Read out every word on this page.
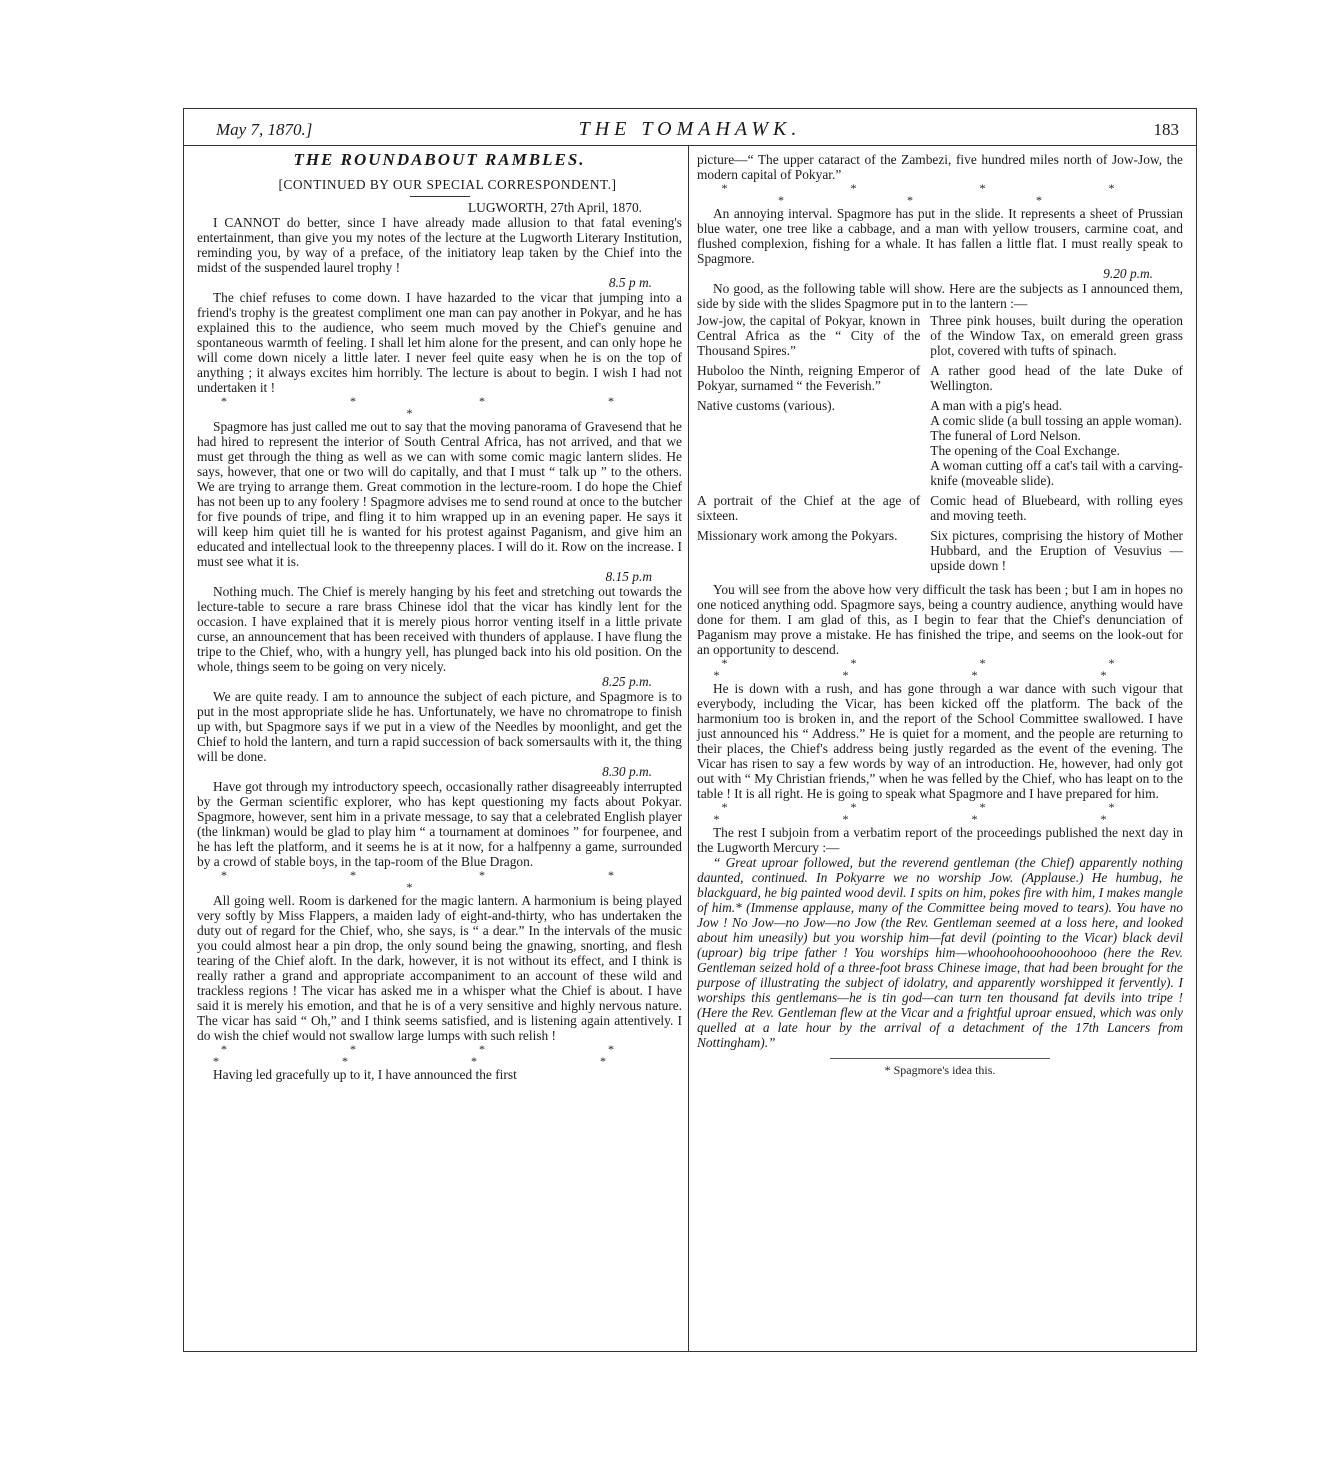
May 7, 1870.]	THE TOMAHAWK.	183
THE ROUNDABOUT RAMBLES.

[CONTINUED BY OUR SPECIAL CORRESPONDENT.]

LUGWORTH, 27th April, 1870.

I CANNOT do better, since I have already made allusion to that fatal evening's entertainment, than give you my notes of the lecture at the Lugworth Literary Institution, reminding you, by way of a preface, of the initiatory leap taken by the Chief into the midst of the suspended laurel trophy !

8.5 p m.

The chief refuses to come down. I have hazarded to the vicar that jumping into a friend's trophy is the greatest compliment one man can pay another in Pokyar, and he has explained this to the audience, who seem much moved by the Chief's genuine and spontaneous warmth of feeling. I shall let him alone for the present, and can only hope he will come down nicely a little later. I never feel quite easy when he is on the top of anything ; it always excites him horribly. The lecture is about to begin. I wish I had not undertaken it !

* * * * *

Spagmore has just called me out to say that the moving panorama of Gravesend that he had hired to represent the interior of South Central Africa, has not arrived, and that we must get through the thing as well as we can with some comic magic lantern slides. He says, however, that one or two will do capitally, and that I must “ talk up ” to the others. We are trying to arrange them. Great commotion in the lecture-room. I do hope the Chief has not been up to any foolery ! Spagmore advises me to send round at once to the butcher for five pounds of tripe, and fling it to him wrapped up in an evening paper. He says it will keep him quiet till he is wanted for his protest against Paganism, and give him an educated and intellectual look to the threepenny places. I will do it. Row on the increase. I must see what it is.

8.15 p.m

Nothing much. The Chief is merely hanging by his feet and stretching out towards the lecture-table to secure a rare brass Chinese idol that the vicar has kindly lent for the occasion. I have explained that it is merely pious horror venting itself in a little private curse, an announcement that has been received with thunders of applause. I have flung the tripe to the Chief, who, with a hungry yell, has plunged back into his old position. On the whole, things seem to be going on very nicely.

8.25 p.m.

We are quite ready. I am to announce the subject of each picture, and Spagmore is to put in the most appropriate slide he has. Unfortunately, we have no chromatrope to finish up with, but Spagmore says if we put in a view of the Needles by moonlight, and get the Chief to hold the lantern, and turn a rapid succession of back somersaults with it, the thing will be done.

8.30 p.m.

Have got through my introductory speech, occasionally rather disagreeably interrupted by the German scientific explorer, who has kept questioning my facts about Pokyar. Spagmore, however, sent him in a private message, to say that a celebrated English player (the linkman) would be glad to play him “ a tournament at dominoes ” for fourpenee, and he has left the platform, and it seems he is at it now, for a halfpenny a game, surrounded by a crowd of stable boys, in the tap-room of the Blue Dragon.

* * * * *

All going well. Room is darkened for the magic lantern. A harmonium is being played very softly by Miss Flappers, a maiden lady of eight-and-thirty, who has undertaken the duty out of regard for the Chief, who, she says, is “ a dear.” In the intervals of the music you could almost hear a pin drop, the only sound being the gnawing, snorting, and flesh tearing of the Chief aloft. In the dark, however, it is not without its effect, and I think is really rather a grand and appropriate accompaniment to an account of these wild and trackless regions ! The vicar has asked me in a whisper what the Chief is about. I have said it is merely his emotion, and that he is of a very sensitive and highly nervous nature. The vicar has said “ Oh,” and I think seems satisfied, and is listening again attentively. I do wish the chief would not swallow large lumps with such relish !

* * * * * * * *

Having led gracefully up to it, I have announced the first

picture—“ The upper cataract of the Zambezi, five hundred miles north of Jow-Jow, the modern capital of Pokyar.”

* * * * * * *

An annoying interval. Spagmore has put in the slide. It represents a sheet of Prussian blue water, one tree like a cabbage, and a man with yellow trousers, carmine coat, and flushed complexion, fishing for a whale. It has fallen a little flat. I must really speak to Spagmore.

9.20 p.m.

No good, as the following table will show. Here are the subjects as I announced them, side by side with the slides Spagmore put in to the lantern :—

Jow-jow, the capital of Pokyar, known in Central Africa as the “ City of the Thousand Spires.”	Three pink houses, built during the operation of the Window Tax, on emerald green grass plot, covered with tufts of spinach.
Huboloo the Ninth, reigning Emperor of Pokyar, surnamed “ the Feverish.”	A rather good head of the late Duke of Wellington.
Native customs (various).	A man with a pig's head.
A comic slide (a bull tossing an apple woman).
The funeral of Lord Nelson.
The opening of the Coal Exchange.
A woman cutting off a cat's tail with a carving-knife (moveable slide).
A portrait of the Chief at the age of sixteen.	Comic head of Bluebeard, with rolling eyes and moving teeth.
Missionary work among the Pokyars.	Six pictures, comprising the history of Mother Hubbard, and the Eruption of Vesuvius —upside down !

You will see from the above how very difficult the task has been ; but I am in hopes no one noticed anything odd. Spagmore says, being a country audience, anything would have done for them. I am glad of this, as I begin to fear that the Chief's denunciation of Paganism may prove a mistake. He has finished the tripe, and seems on the look-out for an opportunity to descend.

* * * * * * * *

He is down with a rush, and has gone through a war dance with such vigour that everybody, including the Vicar, has been kicked off the platform. The back of the harmonium too is broken in, and the report of the School Committee swallowed. I have just announced his “ Address.” He is quiet for a moment, and the people are returning to their places, the Chief's address being justly regarded as the event of the evening. The Vicar has risen to say a few words by way of an introduction. He, however, had only got out with “ My Christian friends,” when he was felled by the Chief, who has leapt on to the table ! It is all right. He is going to speak what Spagmore and I have prepared for him.

* * * * * * * *

The rest I subjoin from a verbatim report of the proceedings published the next day in the Lugworth Mercury :—

“ Great uproar followed, but the reverend gentleman (the Chief) apparently nothing daunted, continued. In Pokyarre we no worship Jow. (Applause.) He humbug, he blackguard, he big painted wood devil. I spits on him, pokes fire with him, I makes mangle of him.* (Immense applause, many of the Committee being moved to tears). You have no Jow ! No Jow—no Jow—no Jow (the Rev. Gentleman seemed at a loss here, and looked about him uneasily) but you worship him—fat devil (pointing to the Vicar) black devil (uproar) big tripe father ! You worships him—whoohoohooohooohooo (here the Rev. Gentleman seized hold of a three-foot brass Chinese image, that had been brought for the purpose of illustrating the subject of idolatry, and apparently worshipped it fervently). I worships this gentlemans—he is tin god—can turn ten thousand fat devils into tripe ! (Here the Rev. Gentleman flew at the Vicar and a frightful uproar ensued, which was only quelled at a late hour by the arrival of a detachment of the 17th Lancers from Nottingham).”

* Spagmore's idea this.
